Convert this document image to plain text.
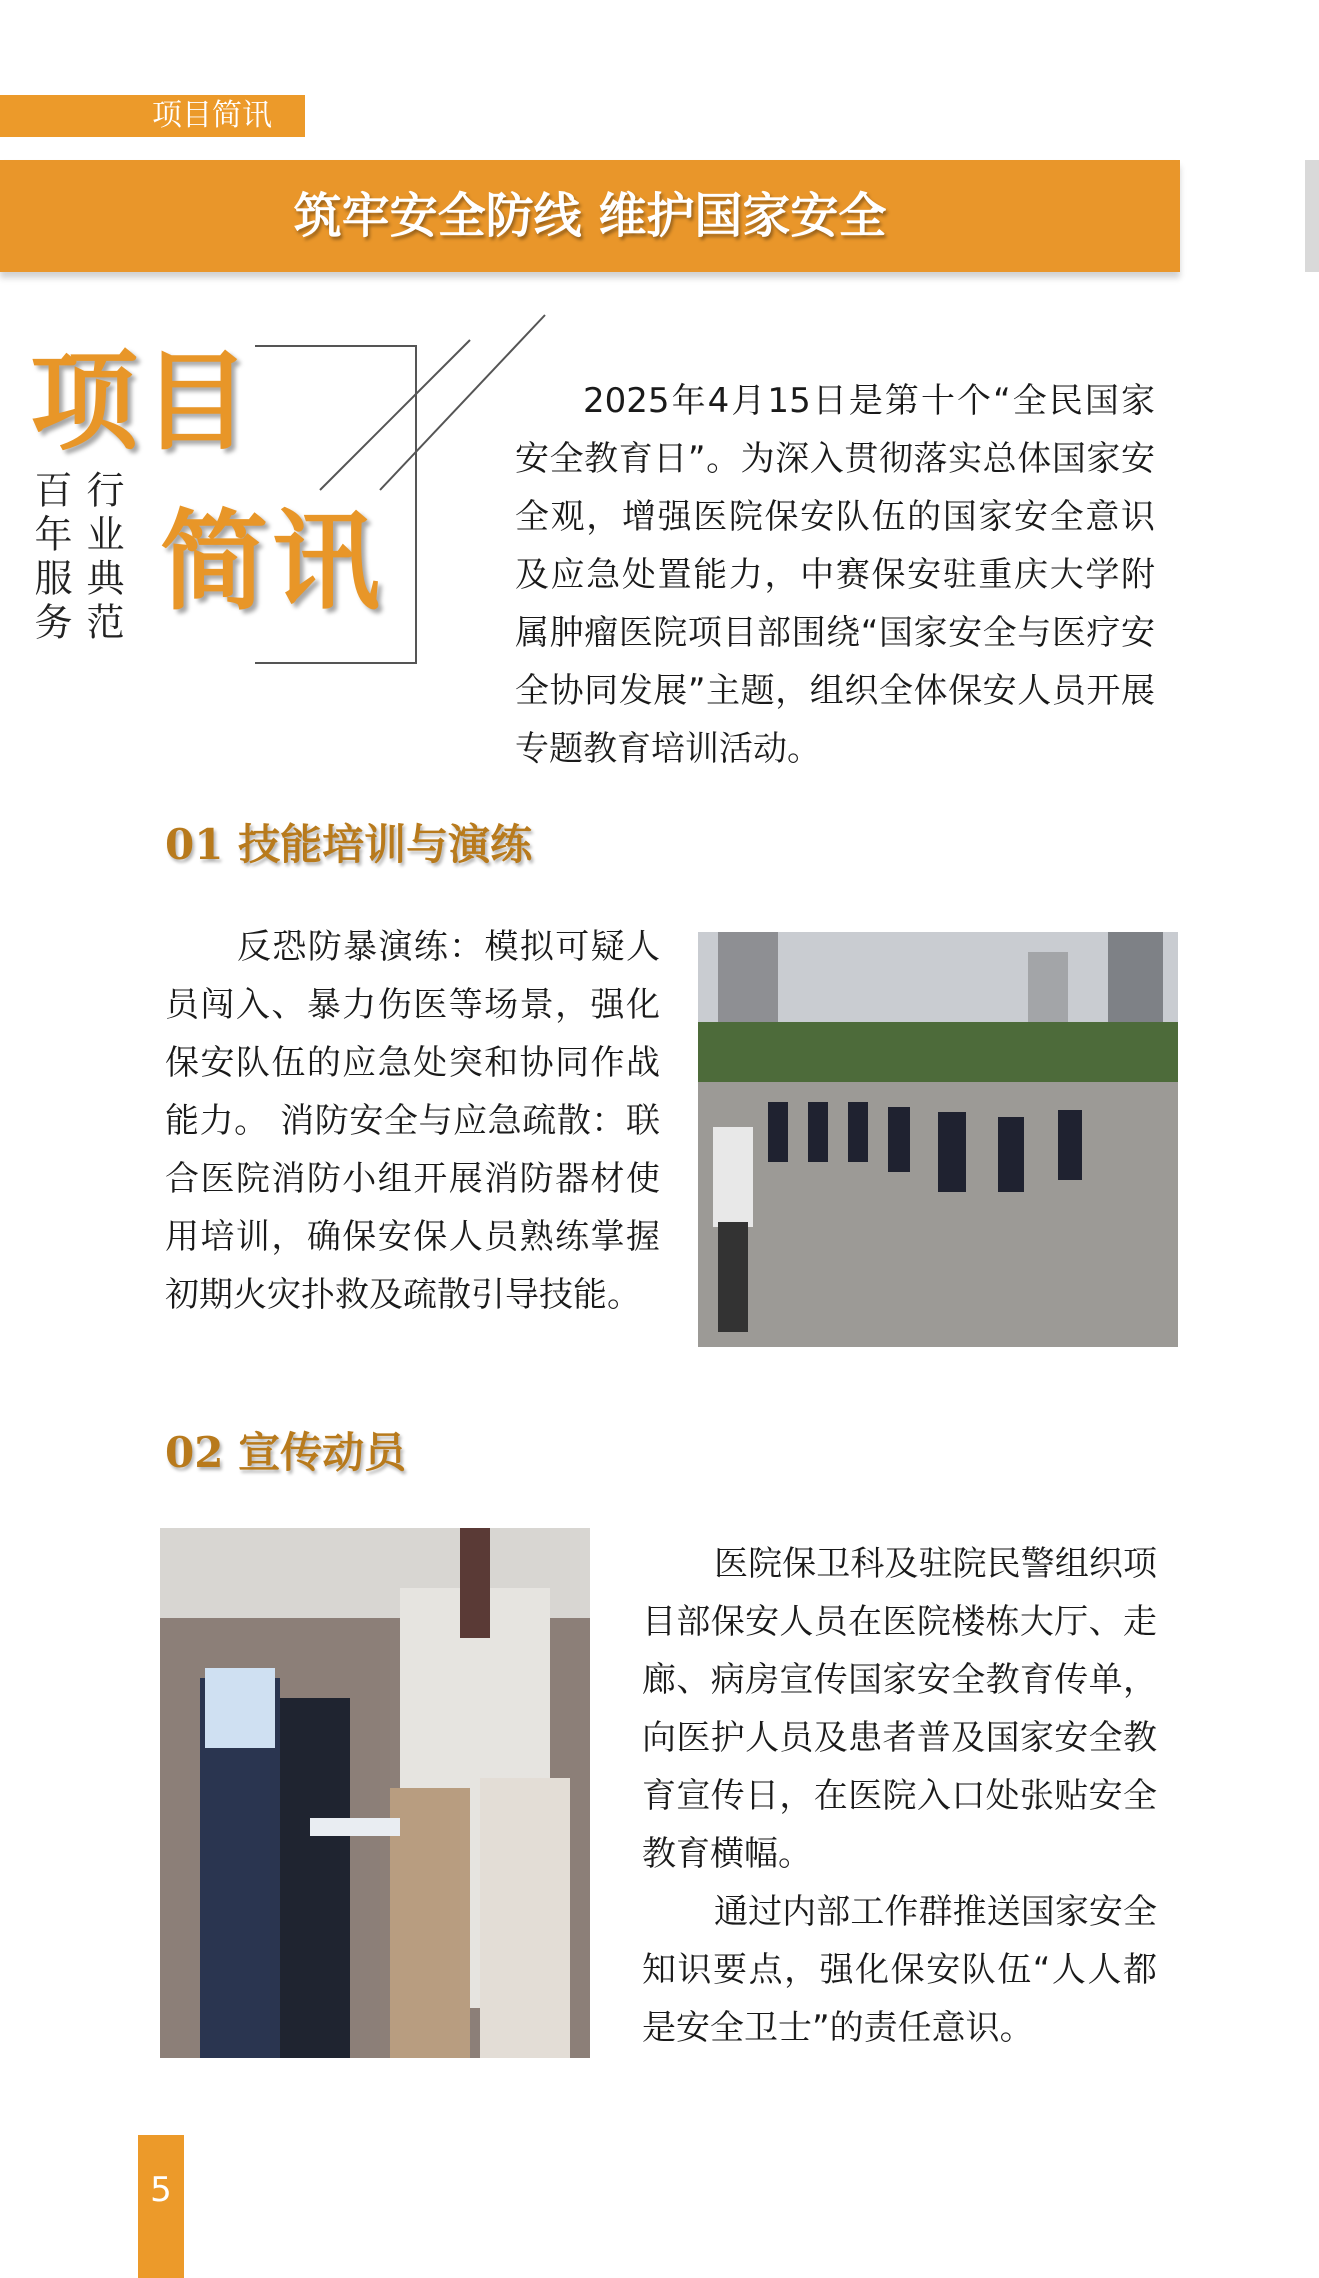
项目简讯
筑牢安全防线 维护国家安全
项目
简讯
行业典范
百年服务
2025年4月15日是第十个“全民国家安全教育日”。为深入贯彻落实总体国家安全观，增强医院保安队伍的国家安全意识及应急处置能力，中赛保安驻重庆大学附属肿瘤医院项目部围绕“国家安全与医疗安全协同发展”主题，组织全体保安人员开展专题教育培训活动。
01 技能培训与演练
反恐防暴演练：模拟可疑人员闯入、暴力伤医等场景，强化保安队伍的应急处突和协同作战能力。 消防安全与应急疏散：联合医院消防小组开展消防器材使用培训，确保安保人员熟练掌握初期火灾扑救及疏散引导技能。
02 宣传动员

医院保卫科及驻院民警组织项目部保安人员在医院楼栋大厅、走廊、病房宣传国家安全教育传单，向医护人员及患者普及国家安全教育宣传日，在医院入口处张贴安全教育横幅。

通过内部工作群推送国家安全知识要点，强化保安队伍“人人都是安全卫士”的责任意识。

5
